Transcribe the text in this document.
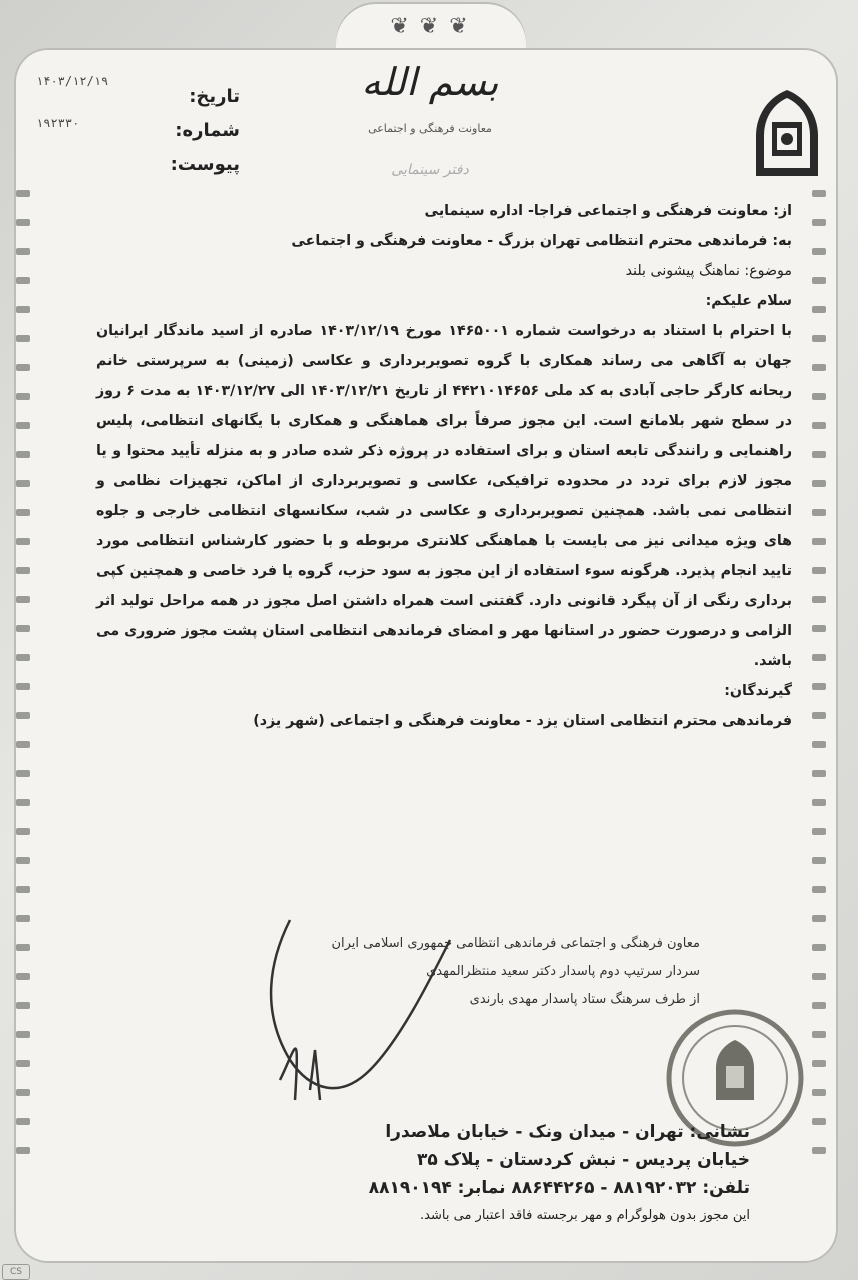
❦ ❦ ❦
۱۴۰۳/۱۲/۱۹
۱۹۲۳۳۰
تاریخ:
شماره:
پیوست:
بسم الله
معاونت فرهنگی و اجتماعی
دفتر سینمایی
از: معاونت فرهنگی و اجتماعی فراجا- اداره سینمایی
به: فرماندهی محترم انتظامی تهران بزرگ - معاونت فرهنگی و اجتماعی
موضوع: نماهنگ پیشونی بلند
سلام علیکم:
با احترام با استناد به درخواست شماره ۱۴۶۵۰۰۱ مورخ ۱۴۰۳/۱۲/۱۹ صادره از اسید ماندگار ایرانیان جهان به آگاهی می رساند همکاری با گروه تصویربرداری و عکاسی (زمینی) به سرپرستی خانم ریحانه کارگر حاجی آبادی به کد ملی ۴۴۲۱۰۱۴۶۵۶ از تاریخ ۱۴۰۳/۱۲/۲۱ الی ۱۴۰۳/۱۲/۲۷ به مدت ۶ روز در سطح شهر بلامانع است. این مجوز صرفاً برای هماهنگی و همکاری با یگانهای انتظامی، پلیس راهنمایی و رانندگی تابعه استان و برای استفاده در پروژه ذکر شده صادر و به منزله تأیید محتوا و یا مجوز لازم برای تردد در محدوده ترافیکی، عکاسی و تصویربرداری از اماکن، تجهیزات نظامی و انتظامی نمی باشد. همچنین تصویربرداری و عکاسی در شب، سکانسهای انتظامی خارجی و جلوه های ویژه میدانی نیز می بایست با هماهنگی کلانتری مربوطه و با حضور کارشناس انتظامی مورد تایید انجام پذیرد. هرگونه سوء استفاده از این مجوز به سود حزب، گروه یا فرد خاصی و همچنین کپی برداری رنگی از آن پیگرد قانونی دارد. گفتنی است همراه داشتن اصل مجوز در همه مراحل تولید اثر الزامی و درصورت حضور در استانها مهر و امضای فرماندهی انتظامی استان پشت مجوز ضروری می باشد.
گیرندگان:
فرماندهی محترم انتظامی استان یزد - معاونت فرهنگی و اجتماعی (شهر یزد)
معاون فرهنگی و اجتماعی فرماندهی انتظامی جمهوری اسلامی ایران
سردار سرتیپ دوم پاسدار دکتر سعید منتظرالمهدی
از طرف سرهنگ ستاد پاسدار مهدی بارندی
نشانی: تهران - میدان ونک - خیابان ملاصدرا
خیابان پردیس - نبش کردستان - پلاک ۳۵
تلفن: ۸۸۱۹۲۰۳۲ - ۸۸۶۴۴۲۶۵ نمابر: ۸۸۱۹۰۱۹۴
این مجوز بدون هولوگرام و مهر برجسته فاقد اعتبار می باشد.
CS
